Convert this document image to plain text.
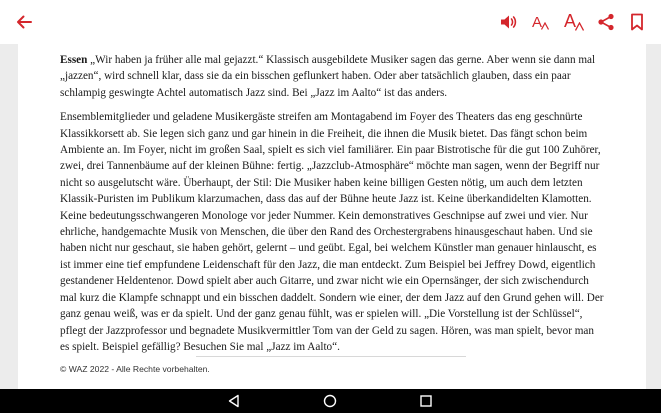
A A

Essen „Wir haben ja früher alle mal gejazzt.“ Klassisch ausgebildete Musiker sagen das gerne. Aber wenn sie dann mal „jazzen“, wird schnell klar, dass sie da ein bisschen geflunkert haben. Oder aber tatsächlich glauben, dass ein paar schlampig geswingte Achtel automatisch Jazz sind. Bei „Jazz im Aalto“ ist das anders.

Ensemblemitglieder und geladene Musikergäste streifen am Montagabend im Foyer des Theaters das eng geschnürte Klassikkorsett ab. Sie legen sich ganz und gar hinein in die Freiheit, die ihnen die Musik bietet. Das fängt schon beim Ambiente an. Im Foyer, nicht im großen Saal, spielt es sich viel familiärer. Ein paar Bistrotische für die gut 100 Zuhörer, zwei, drei Tannenbäume auf der kleinen Bühne: fertig. „Jazzclub-Atmosphäre“ möchte man sagen, wenn der Begriff nur nicht so ausgelutscht wäre. Überhaupt, der Stil: Die Musiker haben keine billigen Gesten nötig, um auch dem letzten Klassik-Puristen im Publikum klarzumachen, dass das auf der Bühne heute Jazz ist. Keine überkandidelten Klamotten. Keine bedeutungsschwangeren Monologe vor jeder Nummer. Kein demonstratives Geschnipse auf zwei und vier. Nur ehrliche, handgemachte Musik von Menschen, die über den Rand des Orchestergrabens hinausgeschaut haben. Und sie haben nicht nur geschaut, sie haben gehört, gelernt – und geübt. Egal, bei welchem Künstler man genauer hinlauscht, es ist immer eine tief empfundene Leidenschaft für den Jazz, die man entdeckt. Zum Beispiel bei Jeffrey Dowd, eigentlich gestandener Heldentenor. Dowd spielt aber auch Gitarre, und zwar nicht wie ein Opernsänger, der sich zwischendurch mal kurz die Klampfe schnappt und ein bisschen daddelt. Sondern wie einer, der dem Jazz auf den Grund gehen will. Der ganz genau weiß, was er da spielt. Und der ganz genau fühlt, was er spielen will. „Die Vorstellung ist der Schlüssel“, pflegt der Jazzprofessor und begnadete Musikvermittler Tom van der Geld zu sagen. Hören, was man spielt, bevor man es spielt. Beispiel gefällig? Besuchen Sie mal „Jazz im Aalto“.

© WAZ 2022 - Alle Rechte vorbehalten.
